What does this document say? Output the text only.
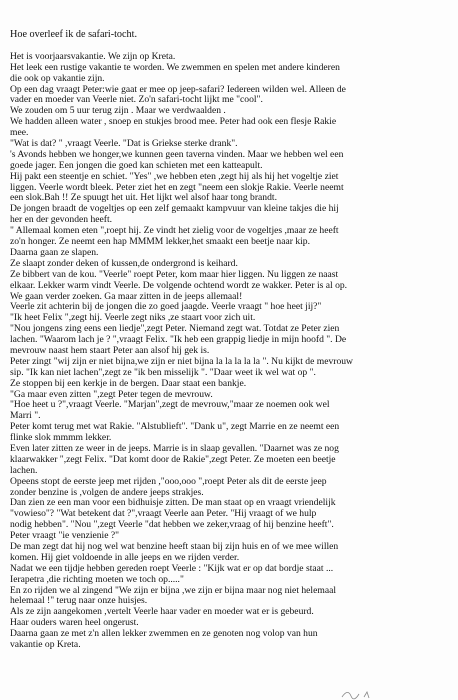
Hoe overleef ik de safari-tocht.
Het is voorjaarsvakantie. We zijn op Kreta.
Het leek een rustige vakantie te worden. We zwemmen en spelen met andere kinderen
die ook op vakantie zijn.
Op een dag vraagt Peter:wie gaat er mee op jeep-safari? Iedereen wilden wel. Alleen de
vader en moeder van Veerle niet. Zo'n safari-tocht lijkt me "cool".
We zouden om 5 uur terug zijn . Maar we verdwaalden .
We hadden alleen water , snoep en stukjes brood mee. Peter had ook een flesje Rakie
mee.
"Wat is dat? " ,vraagt Veerle. "Dat is Griekse sterke drank".
's Avonds hebben we honger,we kunnen geen taverna vinden. Maar we hebben wel een
goede jager. Een jongen die goed kan schieten met een katteapult.
Hij pakt een steentje en schiet. "Yes" ,we hebben eten ,zegt hij als hij het vogeltje ziet
liggen. Veerle wordt bleek. Peter ziet het en zegt "neem een slokje Rakie. Veerle neemt
een slok.Bah !! Ze spuugt het uit. Het lijkt wel alsof haar tong brandt.
De jongen braadt de vogeltjes op een zelf gemaakt kampvuur van kleine takjes die hij
her en der gevonden heeft.
" Allemaal komen eten ",roept hij. Ze vindt het zielig voor de vogeltjes ,maar ze heeft
zo'n honger. Ze neemt een hap MMMM lekker,het smaakt een beetje naar kip.
Daarna gaan ze slapen.
Ze slaapt zonder deken of kussen,de ondergrond is keihard.
Ze bibbert van de kou. "Veerle" roept Peter, kom maar hier liggen. Nu liggen ze naast
elkaar. Lekker warm vindt Veerle. De volgende ochtend wordt ze wakker. Peter is al op.
We gaan verder zoeken. Ga maar zitten in de jeeps allemaal!
Veerle zit achterin bij de jongen die zo goed jaagde. Veerle vraagt " hoe heet jij?"
"Ik heet Felix ",zegt hij. Veerle zegt niks ,ze staart voor zich uit.
"Nou jongens zing eens een liedje",zegt Peter. Niemand zegt wat. Totdat ze Peter zien
lachen. "Waarom lach je ? ",vraagt Felix. "Ik heb een grappig liedje in mijn hoofd ". De
mevrouw naast hem staart Peter aan alsof hij gek is.
Peter zingt "wij zijn er niet bijna,we zijn er niet bijna la la la la la ". Nu kijkt de mevrouw
sip. "Ik kan niet lachen",zegt ze "ik ben misselijk ". "Daar weet ik wel wat op ".
Ze stoppen bij een kerkje in de bergen. Daar staat een bankje.
"Ga maar even zitten ",zegt Peter tegen de mevrouw.
"Hoe heet u ?",vraagt Veerle. "Marjan",zegt de mevrouw,"maar ze noemen ook wel
Marri ".
Peter komt terug met wat Rakie. "Alstublieft". "Dank u", zegt Marrie en ze neemt een
flinke slok mmmm lekker.
Even later zitten ze weer in de jeeps. Marrie is in slaap gevallen. "Daarnet was ze nog
klaarwakker ",zegt Felix. "Dat komt door de Rakie",zegt Peter. Ze moeten een beetje
lachen.
Opeens stopt de eerste jeep met rijden ,"ooo,ooo ",roept Peter als dit de eerste jeep
zonder benzine is ,volgen de andere jeeps strakjes.
Dan zien ze een man voor een bidhuisje zitten. De man staat op en vraagt vriendelijk
"vowieso"? "Wat betekent dat ?",vraagt Veerle aan Peter. "Hij vraagt of we hulp
nodig hebben". "Nou ",zegt Veerle "dat hebben we zeker,vraag of hij benzine heeft".
Peter vraagt "ie venzienie ?"
De man zegt dat hij nog wel wat benzine heeft staan bij zijn huis en of we mee willen
komen. Hij giet voldoende in alle jeeps en we rijden verder.
Nadat we een tijdje hebben gereden roept Veerle : "Kijk wat er op dat bordje staat ...
Ierapetra ,die richting moeten we toch op....."
En zo rijden we al zingend "We zijn er bijna ,we zijn er bijna maar nog niet helemaal
helemaal !" terug naar onze huisjes.
Als ze zijn aangekomen ,vertelt Veerle haar vader en moeder wat er is gebeurd.
Haar ouders waren heel ongerust.
Daarna gaan ze met z'n allen lekker zwemmen en ze genoten nog volop van hun
vakantie op Kreta.
